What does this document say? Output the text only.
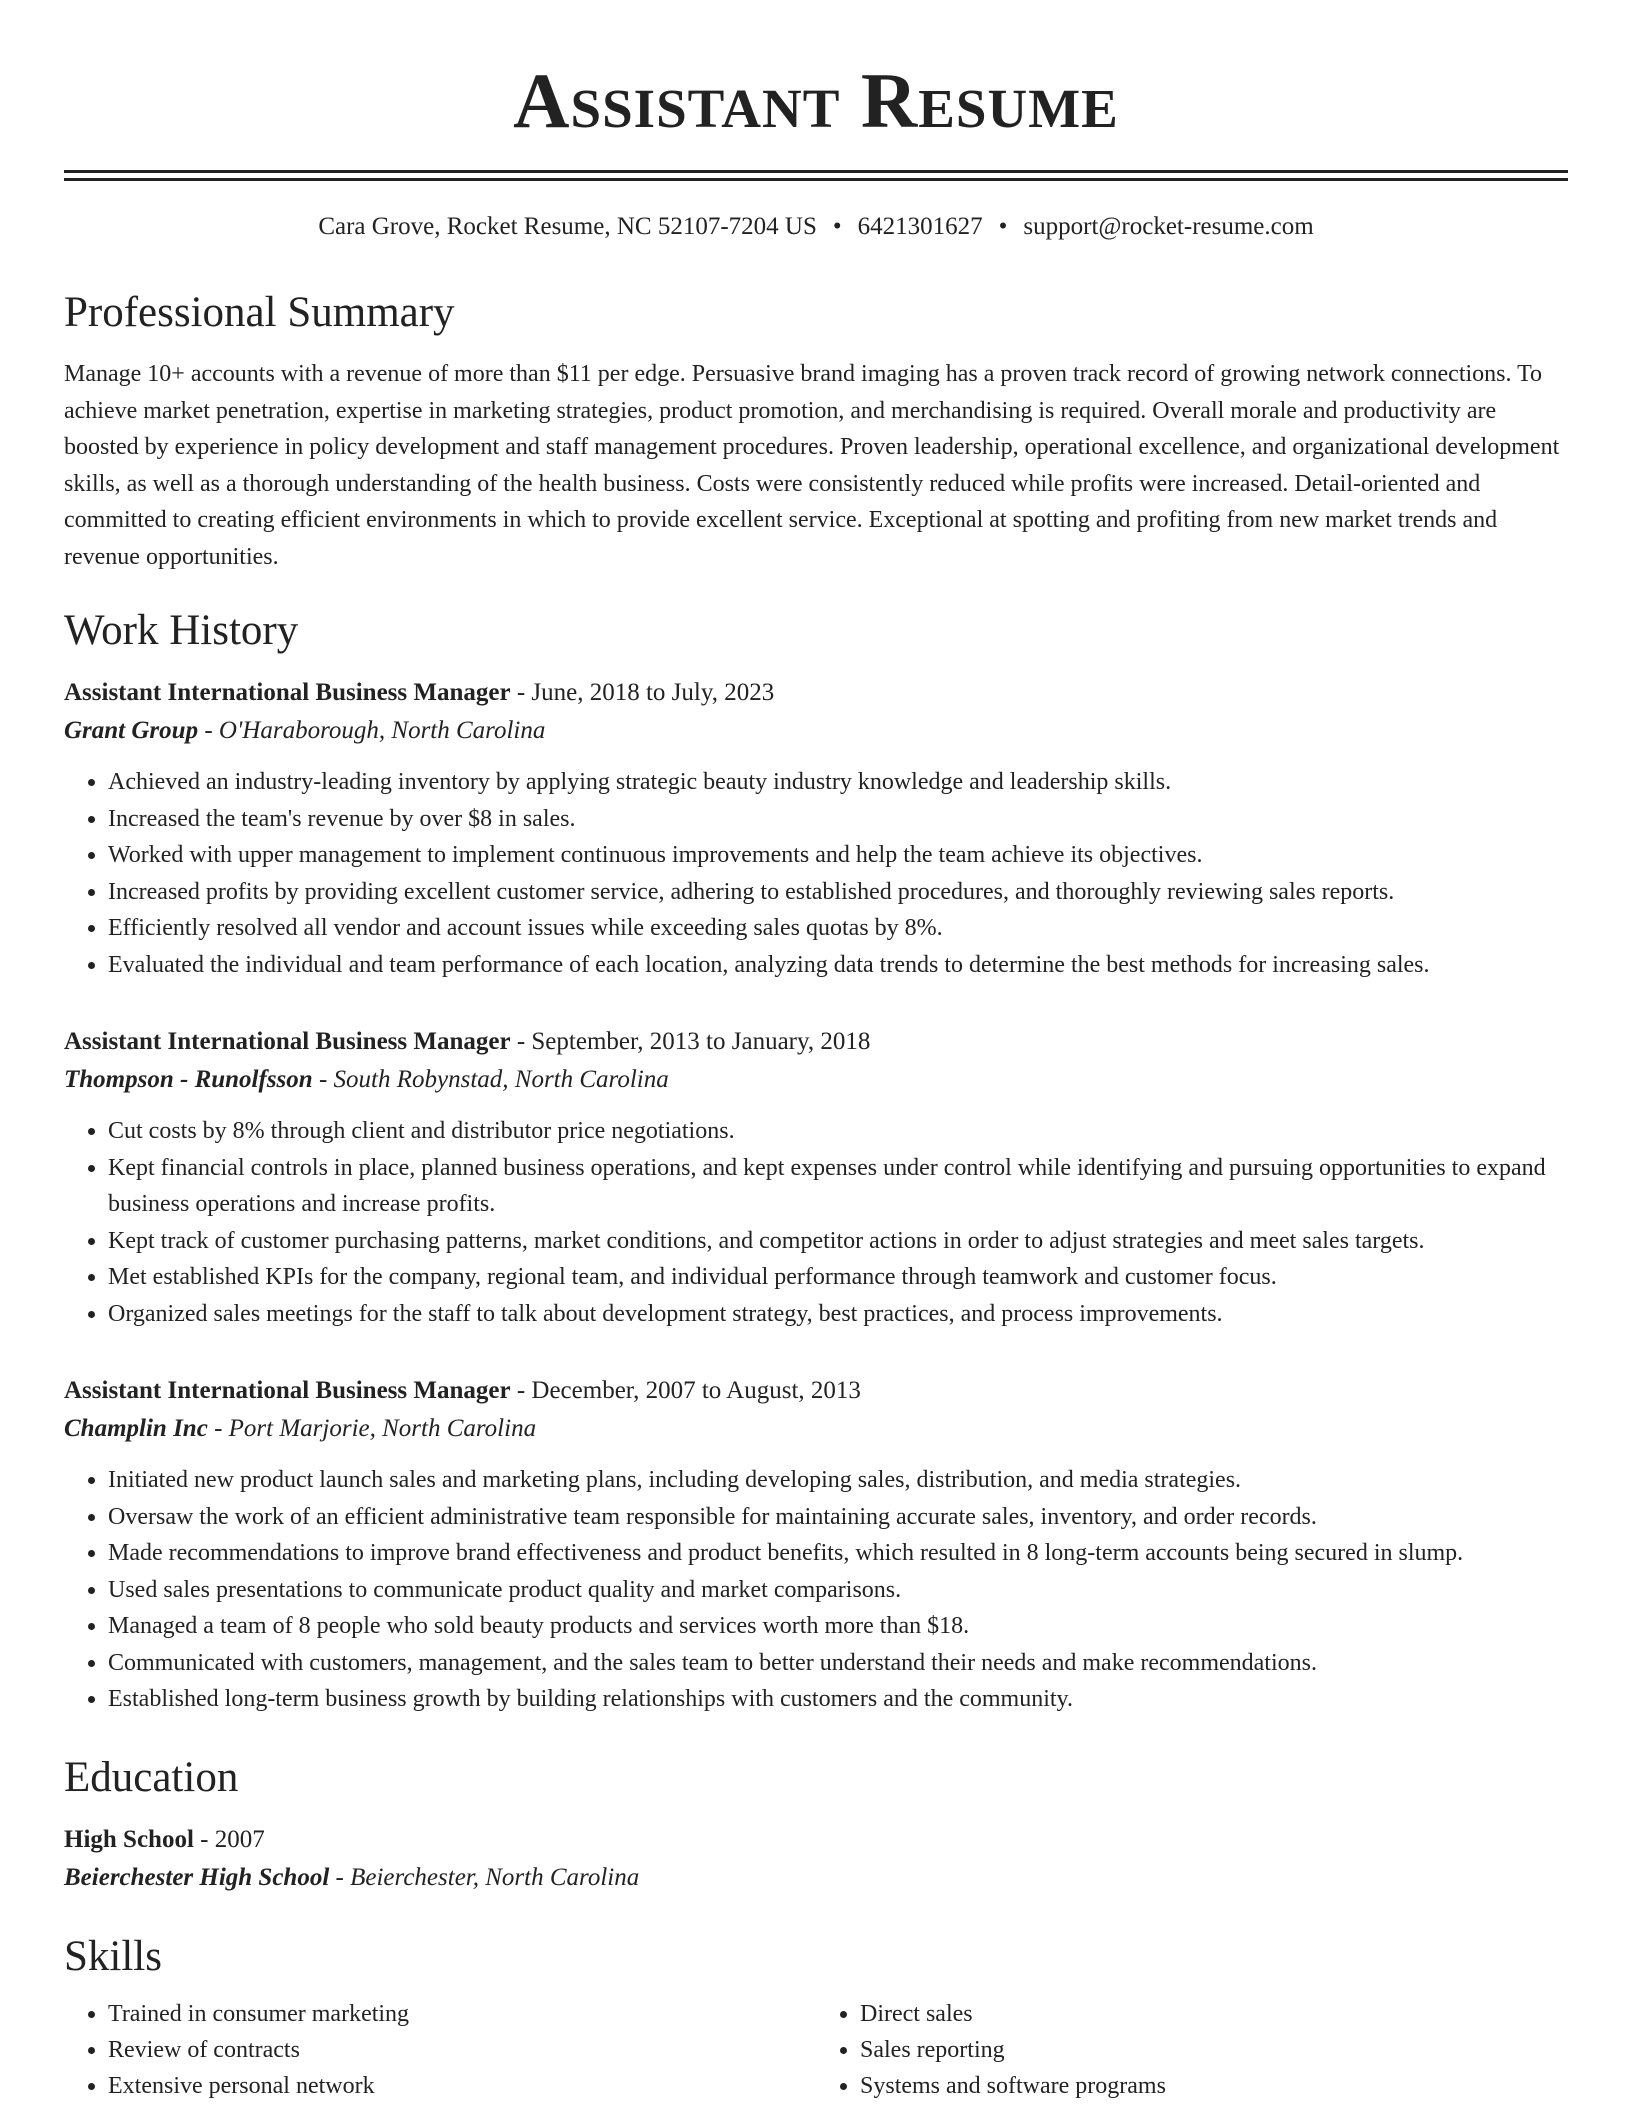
Assistant Resume
Cara Grove, Rocket Resume, NC 52107-7204 US • 6421301627 • support@rocket-resume.com
Professional Summary
Manage 10+ accounts with a revenue of more than $11 per edge. Persuasive brand imaging has a proven track record of growing network connections. To achieve market penetration, expertise in marketing strategies, product promotion, and merchandising is required. Overall morale and productivity are boosted by experience in policy development and staff management procedures. Proven leadership, operational excellence, and organizational development skills, as well as a thorough understanding of the health business. Costs were consistently reduced while profits were increased. Detail-oriented and committed to creating efficient environments in which to provide excellent service. Exceptional at spotting and profiting from new market trends and revenue opportunities.
Work History
Assistant International Business Manager - June, 2018 to July, 2023
Grant Group - O'Haraborough, North Carolina
• Achieved an industry-leading inventory by applying strategic beauty industry knowledge and leadership skills.
• Increased the team's revenue by over $8 in sales.
• Worked with upper management to implement continuous improvements and help the team achieve its objectives.
• Increased profits by providing excellent customer service, adhering to established procedures, and thoroughly reviewing sales reports.
• Efficiently resolved all vendor and account issues while exceeding sales quotas by 8%.
• Evaluated the individual and team performance of each location, analyzing data trends to determine the best methods for increasing sales.
Assistant International Business Manager - September, 2013 to January, 2018
Thompson - Runolfsson - South Robynstad, North Carolina
• Cut costs by 8% through client and distributor price negotiations.
• Kept financial controls in place, planned business operations, and kept expenses under control while identifying and pursuing opportunities to expand business operations and increase profits.
• Kept track of customer purchasing patterns, market conditions, and competitor actions in order to adjust strategies and meet sales targets.
• Met established KPIs for the company, regional team, and individual performance through teamwork and customer focus.
• Organized sales meetings for the staff to talk about development strategy, best practices, and process improvements.
Assistant International Business Manager - December, 2007 to August, 2013
Champlin Inc - Port Marjorie, North Carolina
• Initiated new product launch sales and marketing plans, including developing sales, distribution, and media strategies.
• Oversaw the work of an efficient administrative team responsible for maintaining accurate sales, inventory, and order records.
• Made recommendations to improve brand effectiveness and product benefits, which resulted in 8 long-term accounts being secured in slump.
• Used sales presentations to communicate product quality and market comparisons.
• Managed a team of 8 people who sold beauty products and services worth more than $18.
• Communicated with customers, management, and the sales team to better understand their needs and make recommendations.
• Established long-term business growth by building relationships with customers and the community.
Education
High School - 2007
Beierchester High School - Beierchester, North Carolina
Skills
• Trained in consumer marketing
• Review of contracts
• Extensive personal network
• Direct sales
• Sales reporting
• Systems and software programs
